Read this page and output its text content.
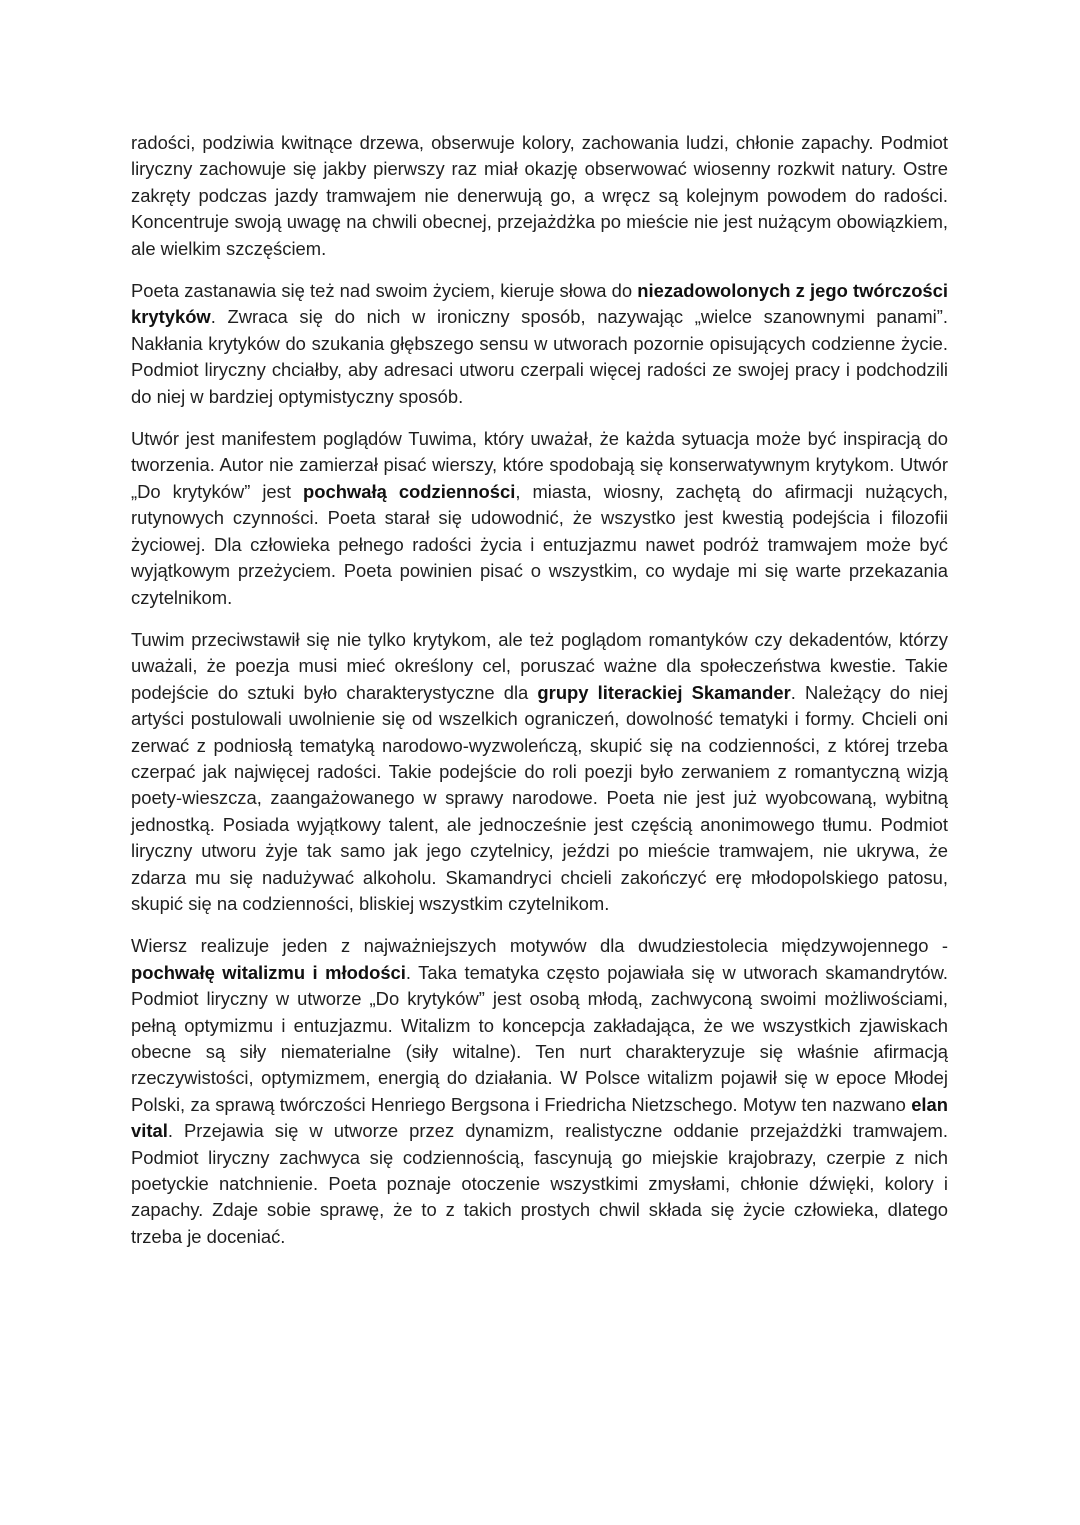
radości, podziwia kwitnące drzewa, obserwuje kolory, zachowania ludzi, chłonie zapachy. Podmiot liryczny zachowuje się jakby pierwszy raz miał okazję obserwować wiosenny rozkwit natury. Ostre zakręty podczas jazdy tramwajem nie denerwują go, a wręcz są kolejnym powodem do radości. Koncentruje swoją uwagę na chwili obecnej, przejażdżka po mieście nie jest nużącym obowiązkiem, ale wielkim szczęściem.

Poeta zastanawia się też nad swoim życiem, kieruje słowa do niezadowolonych z jego twórczości krytyków. Zwraca się do nich w ironiczny sposób, nazywając „wielce szanownymi panami”. Nakłania krytyków do szukania głębszego sensu w utworach pozornie opisujących codzienne życie. Podmiot liryczny chciałby, aby adresaci utworu czerpali więcej radości ze swojej pracy i podchodzili do niej w bardziej optymistyczny sposób.

Utwór jest manifestem poglądów Tuwima, który uważał, że każda sytuacja może być inspiracją do tworzenia. Autor nie zamierzał pisać wierszy, które spodobają się konserwatywnym krytykom. Utwór „Do krytyków” jest pochwałą codzienności, miasta, wiosny, zachętą do afirmacji nużących, rutynowych czynności. Poeta starał się udowodnić, że wszystko jest kwestią podejścia i filozofii życiowej. Dla człowieka pełnego radości życia i entuzjazmu nawet podróż tramwajem może być wyjątkowym przeżyciem. Poeta powinien pisać o wszystkim, co wydaje mi się warte przekazania czytelnikom.

Tuwim przeciwstawił się nie tylko krytykom, ale też poglądom romantyków czy dekadentów, którzy uważali, że poezja musi mieć określony cel, poruszać ważne dla społeczeństwa kwestie. Takie podejście do sztuki było charakterystyczne dla grupy literackiej Skamander. Należący do niej artyści postulowali uwolnienie się od wszelkich ograniczeń, dowolność tematyki i formy. Chcieli oni zerwać z podniosłą tematyką narodowo-wyzwoleńczą, skupić się na codzienności, z której trzeba czerpać jak najwięcej radości. Takie podejście do roli poezji było zerwaniem z romantyczną wizją poety-wieszcza, zaangażowanego w sprawy narodowe. Poeta nie jest już wyobcowaną, wybitną jednostką. Posiada wyjątkowy talent, ale jednocześnie jest częścią anonimowego tłumu. Podmiot liryczny utworu żyje tak samo jak jego czytelnicy, jeździ po mieście tramwajem, nie ukrywa, że zdarza mu się nadużywać alkoholu. Skamandryci chcieli zakończyć erę młodopolskiego patosu, skupić się na codzienności, bliskiej wszystkim czytelnikom.

Wiersz realizuje jeden z najważniejszych motywów dla dwudziestolecia międzywojennego - pochwałę witalizmu i młodości. Taka tematyka często pojawiała się w utworach skamandrytów. Podmiot liryczny w utworze „Do krytyków” jest osobą młodą, zachwyconą swoimi możliwościami, pełną optymizmu i entuzjazmu. Witalizm to koncepcja zakładająca, że we wszystkich zjawiskach obecne są siły niematerialne (siły witalne). Ten nurt charakteryzuje się właśnie afirmacją rzeczywistości, optymizmem, energią do działania. W Polsce witalizm pojawił się w epoce Młodej Polski, za sprawą twórczości Henriego Bergsona i Friedricha Nietzschego. Motyw ten nazwano elan vital. Przejawia się w utworze przez dynamizm, realistyczne oddanie przejażdżki tramwajem. Podmiot liryczny zachwyca się codziennością, fascynują go miejskie krajobrazy, czerpie z nich poetyckie natchnienie. Poeta poznaje otoczenie wszystkimi zmysłami, chłonie dźwięki, kolory i zapachy. Zdaje sobie sprawę, że to z takich prostych chwil składa się życie człowieka, dlatego trzeba je doceniać.
